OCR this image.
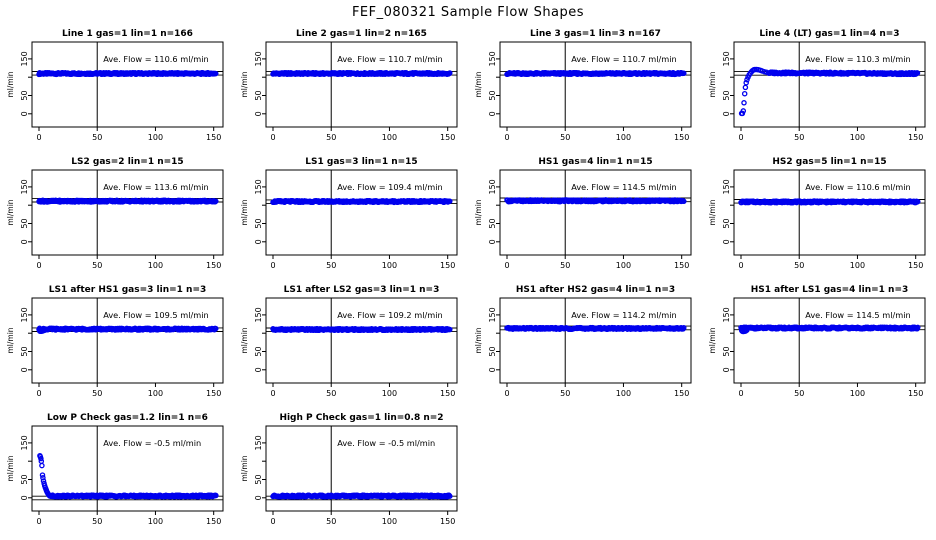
FEF_080321 Sample Flow Shapes
0	50	100	150
0
50
150
ml/min
Line 1 gas=1 lin=1 n=166
Ave. Flow = 110.6 ml/min
0	50	100	150
0
50
150
ml/min
Line 2 gas=1 lin=2 n=165
Ave. Flow = 110.7 ml/min
0	50	100	150
0
50
150
ml/min
Line 3 gas=1 lin=3 n=167
Ave. Flow = 110.7 ml/min
0	50	100	150
0
50
150
ml/min
Line 4 (LT) gas=1 lin=4 n=3
Ave. Flow = 110.3 ml/min
0	50	100	150
0
50
150
ml/min
LS2 gas=2 lin=1 n=15
Ave. Flow = 113.6 ml/min
0	50	100	150
0
50
150
ml/min
LS1 gas=3 lin=1 n=15
Ave. Flow = 109.4 ml/min
0	50	100	150
0
50
150
ml/min
HS1 gas=4 lin=1 n=15
Ave. Flow = 114.5 ml/min
0	50	100	150
0
50
150
ml/min
HS2 gas=5 lin=1 n=15
Ave. Flow = 110.6 ml/min
0	50	100	150
0
50
150
ml/min
LS1 after HS1 gas=3 lin=1 n=3
Ave. Flow = 109.5 ml/min
0	50	100	150
0
50
150
ml/min
LS1 after LS2 gas=3 lin=1 n=3
Ave. Flow = 109.2 ml/min
0	50	100	150
0
50
150
ml/min
HS1 after HS2 gas=4 lin=1 n=3
Ave. Flow = 114.2 ml/min
0	50	100	150
0
50
150
ml/min
HS1 after LS1 gas=4 lin=1 n=3
Ave. Flow = 114.5 ml/min
0	50	100	150
0
50
150
ml/min
Low P Check gas=1.2 lin=1 n=6
Ave. Flow = -0.5 ml/min
0	50	100	150
0
50
150
ml/min
High P Check gas=1 lin=0.8 n=2
Ave. Flow = -0.5 ml/min
